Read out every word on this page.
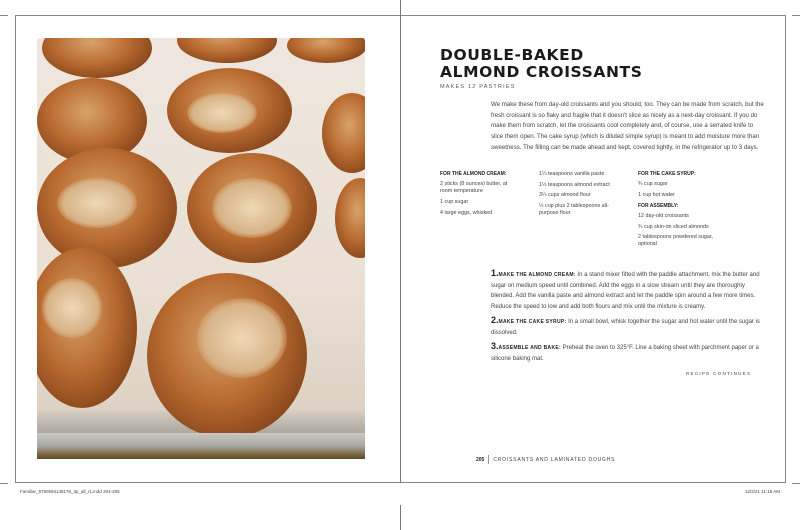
DOUBLE-BAKED
ALMOND CROISSANTS
MAKES 12 PASTRIES
We make these from day-old croissants and you should, too. They can be made from scratch, but the fresh croissant is so flaky and fragile that it doesn't slice as nicely as a next-day croissant. If you do make them from scratch, let the croissants cool completely and, of course, use a serrated knife to slice them open. The cake syrup (which is diluted simple syrup) is meant to add moisture more than sweetness. The filling can be made ahead and kept, covered tightly, in the refrigerator up to 3 days.
FOR THE ALMOND CREAM:

2 sticks (8 ounces) butter, at room temperature

1 cup sugar

4 large eggs, whisked

1¼ teaspoons vanilla paste

1½ teaspoons almond extract

3¼ cups almond flour

½ cup plus 2 tablespoons all-purpose flour

FOR THE CAKE SYRUP:

¾ cup sugar

1 cup hot water

FOR ASSEMBLY:

12 day-old croissants

¾ cup skin-on sliced almonds

2 tablespoons powdered sugar, optional

1.MAKE THE ALMOND CREAM: In a stand mixer fitted with the paddle attachment, mix the butter and sugar on medium speed until combined. Add the eggs in a slow stream until they are thoroughly blended. Add the vanilla paste and almond extract and let the paddle spin around a few more times. Reduce the speed to low and add both flours and mix until the mixture is creamy.

2.MAKE THE CAKE SYRUP: In a small bowl, whisk together the sugar and hot water until the sugar is dissolved.

3.ASSEMBLE AND BAKE: Preheat the oven to 325°F. Line a baking sheet with parchment paper or a silicone baking mat.

RECIPE CONTINUES
205 CROISSANTS AND LAMINATED DOUGHS
Familiar_9780593138176_3p_all_r1.indd 204-205	12/2/21 11:16 AM
